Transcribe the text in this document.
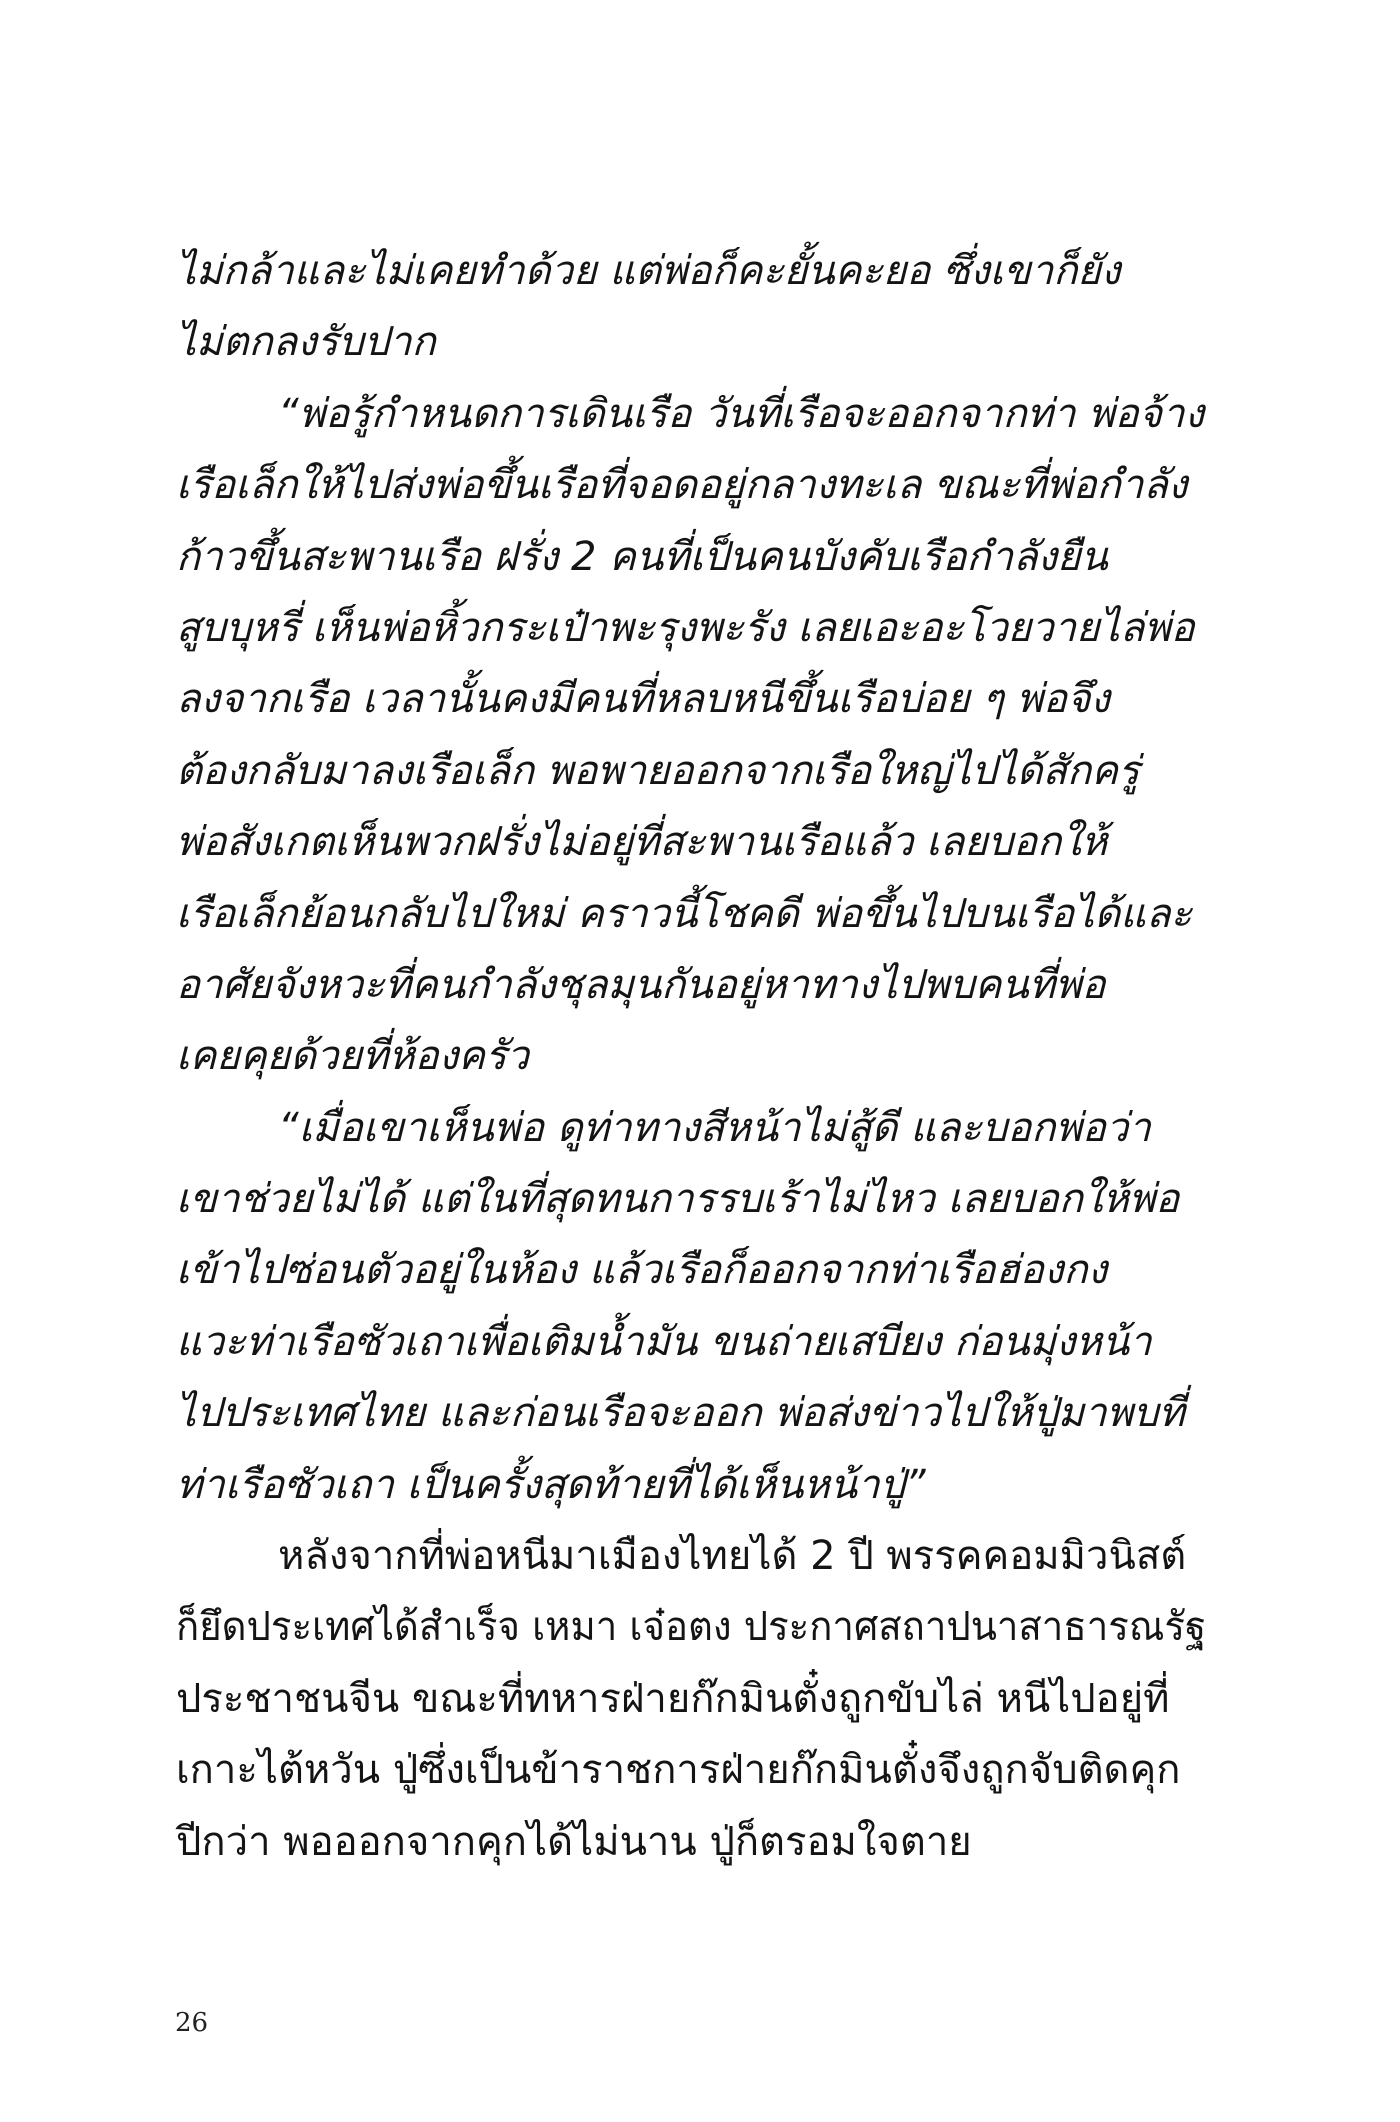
ไม่กล้าและไม่เคยทำด้วย แต่พ่อก็คะยั้นคะยอ ซึ่งเขาก็ยัง
ไม่ตกลงรับปาก
“พ่อรู้กำหนดการเดินเรือ วันที่เรือจะออกจากท่า พ่อจ้าง
เรือเล็กให้ไปส่งพ่อขึ้นเรือที่จอดอยู่กลางทะเล ขณะที่พ่อกำลัง
ก้าวขึ้นสะพานเรือ ฝรั่ง 2 คนที่เป็นคนบังคับเรือกำลังยืน
สูบบุหรี่ เห็นพ่อหิ้วกระเป๋าพะรุงพะรัง เลยเอะอะโวยวายไล่พ่อ
ลงจากเรือ เวลานั้นคงมีคนที่หลบหนีขึ้นเรือบ่อย ๆ พ่อจึง
ต้องกลับมาลงเรือเล็ก พอพายออกจากเรือใหญ่ไปได้สักครู่
พ่อสังเกตเห็นพวกฝรั่งไม่อยู่ที่สะพานเรือแล้ว เลยบอกให้
เรือเล็กย้อนกลับไปใหม่ คราวนี้โชคดี พ่อขึ้นไปบนเรือได้และ
อาศัยจังหวะที่คนกำลังชุลมุนกันอยู่หาทางไปพบคนที่พ่อ
เคยคุยด้วยที่ห้องครัว
“เมื่อเขาเห็นพ่อ ดูท่าทางสีหน้าไม่สู้ดี และบอกพ่อว่า
เขาช่วยไม่ได้ แต่ในที่สุดทนการรบเร้าไม่ไหว เลยบอกให้พ่อ
เข้าไปซ่อนตัวอยู่ในห้อง แล้วเรือก็ออกจากท่าเรือฮ่องกง
แวะท่าเรือซัวเถาเพื่อเติมน้ำมัน ขนถ่ายเสบียง ก่อนมุ่งหน้า
ไปประเทศไทย และก่อนเรือจะออก พ่อส่งข่าวไปให้ปู่มาพบที่
ท่าเรือซัวเถา เป็นครั้งสุดท้ายที่ได้เห็นหน้าปู่”
หลังจากที่พ่อหนีมาเมืองไทยได้ 2 ปี พรรคคอมมิวนิสต์
ก็ยึดประเทศได้สำเร็จ เหมา เจ๋อตง ประกาศสถาปนาสาธารณรัฐ
ประชาชนจีน ขณะที่ทหารฝ่ายก๊กมินตั๋งถูกขับไล่ หนีไปอยู่ที่
เกาะไต้หวัน ปู่ซึ่งเป็นข้าราชการฝ่ายก๊กมินตั๋งจึงถูกจับติดคุก
ปีกว่า พอออกจากคุกได้ไม่นาน ปู่ก็ตรอมใจตาย
26
